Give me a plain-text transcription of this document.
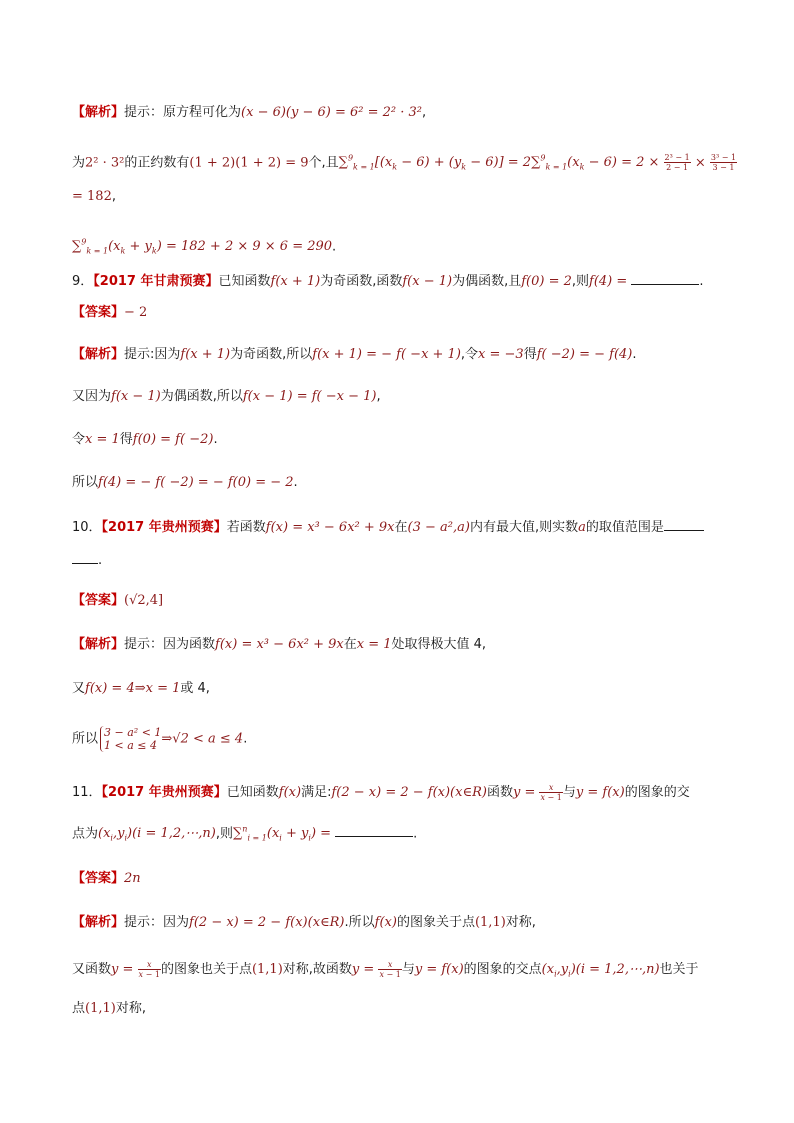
【解析】提示：原方程可化为(x − 6)(y − 6) = 6² = 2² · 3²,
为2² · 3²的正约数有(1 + 2)(1 + 2) = 9个,且$\sum^9_{k = 1}[(x_k - 6) + (y_k - 6)] = 2\sum^9_{k = 1}(x_k - 6) = 2 \times \frac{\text{2³ − 1}}{2 - 1} \times \frac{\text{3³ − 1}}{3 - 1}$
= 182,
$\sum^9_{k = 1}(x_k + y_k) = 182 + 2 \times 9 \times 6 = 290$.
9．【2017 年甘肃预赛】已知函数f(x + 1)为奇函数,函数f(x − 1)为偶函数,且f(0) = 2,则f(4) =	.
【答案】− 2
【解析】提示:因为f(x + 1)为奇函数,所以f(x + 1) = − f( −x + 1),令x = −3得f( −2) = − f(4).
又因为f(x − 1)为偶函数,所以f(x − 1) = f( −x − 1),
令x = 1得f(0) = f( −2).
所以f(4) = − f( −2) = − f(0) = − 2.
10．【2017 年贵州预赛】若函数f(x) = x³ − 6x² + 9x在(3 − a²,a)内有最大值,则实数a的取值范围是
.
【答案】(√2,4]
【解析】提示：因为函数f(x) = x³ − 6x² + 9x在x = 1处取得极大值 4,
又f(x) = 4⇒x = 1或 4,
所以 3 − a² < 1
1 < a ≤ 4 ⇒√2 < a ≤ 4.
11．【2017 年贵州预赛】已知函数f(x)满足:f(2 − x) = 2 − f(x)(x∈R)函数$y = \frac{x}{x - 1}$ 与y = f(x)的图象的交
点为$(x_i,y_i)(i$ = 1,2,⋯,n),则$\sum^n_{i = 1}(x_i + y_i)$ =	.
【答案】2n
【解析】提示：因为f(2 − x) = 2 − f(x)(x∈R).所以f(x)的图象关于点(1,1)对称,
又函数$y = \frac{x}{x - 1}$ 的图象也关于点(1,1)对称,故函数$y = \frac{x}{x - 1}$ 与y = f(x)的图象的交点$(x_i,y_i)(i$ = 1,2,⋯,n)也关于
点(1,1)对称,
